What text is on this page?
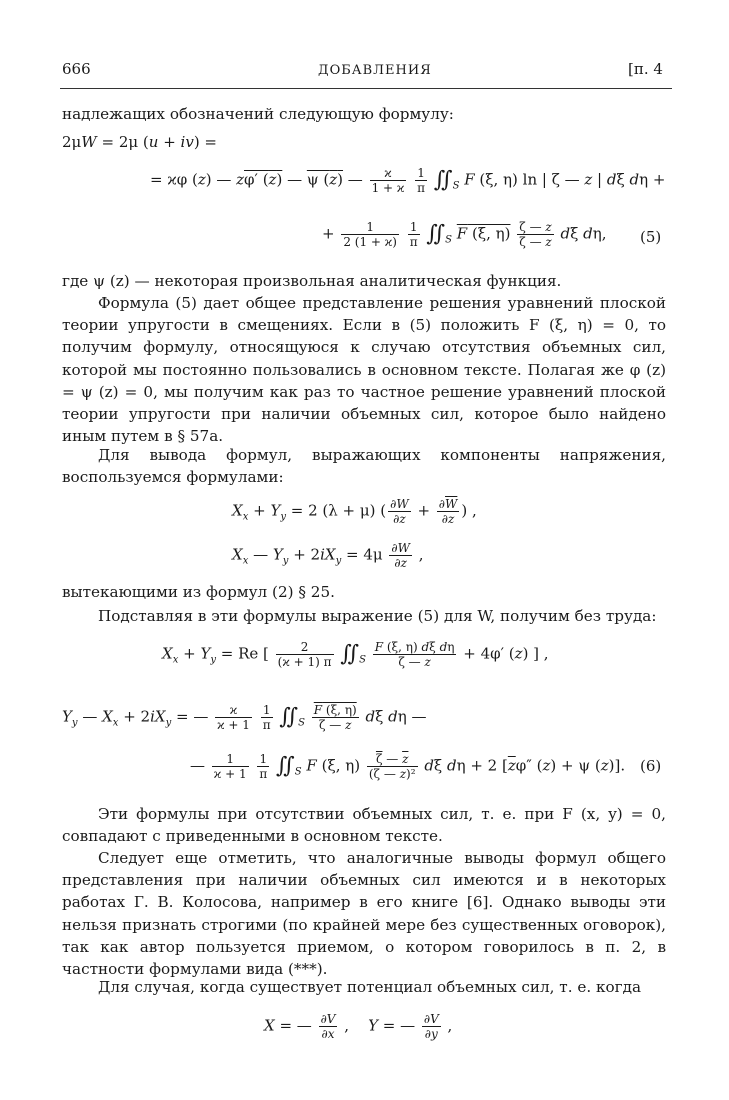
666	ДОБАВЛЕНИЯ	[п. 4
надлежащих обозначений следующую формулу:
2μW = 2μ (u + iv) =
= ϰφ (z) — zφ′ (z) — ψ (z) — $\frac{ϰ}{1 + ϰ}$
$\frac{1}{\pi}$ $∬_S$ F (ξ, η) ln | ζ — z | dξ dη +
+ $\frac{1}{2 (1 + ϰ)}$
$\frac{1}{\pi}$ $∬_S$ F (ξ, $\eta) \frac{\zeta — z}{\overline{\zeta} — \overline{z}}$ dξ dη, (5)
где ψ (z) — некоторая произвольная аналитическая функция.
Формула (5) дает общее представление решения уравнений плоской теории упругости в смещениях. Если в (5) положить F (ξ, η) = 0, то получим формулу, относящуюся к случаю отсутствия объемных сил, которой мы постоянно пользовались в основном тексте. Полагая же φ (z) = ψ (z) = 0, мы получим как раз то частное решение уравнений плоской теории упругости при наличии объемных сил, которое было найдено иным путем в § 57а.
Для вывода формул, выражающих компоненты напряжения, воспользуемся формулами:
$X_x + Y_y = 2$ (λ + μ) ( $\frac{\partial W}{\partial z} + \frac{\partial\overline{W}}{\partial\overline{z}}$ ) ,
$X_x$ — $Y_y + 2iX_y = 4\mu \frac{\partial W}{\partial\overline{z}}$ ,
вытекающими из формул (2) § 25.
Подставляя в эти формулы выражение (5) для W, получим без труда:
$X_x + Y_y = Re$ [ $\frac{2}{(ϰ + 1) \pi}$ $∬_S \frac{\text{F (ξ, η) dξ dη}}{\zeta — z} + 4\varphi'$ (z) ] ,
$Y_y$ — $X_x + 2iX_y$ = — $\frac{ϰ}{ϰ + 1}$
$\frac{1}{\pi}$ $∬_S \frac{F (\xi, \eta)}{\zeta — z}$ dξ dη —
— $\frac{1}{ϰ + 1}$
$\frac{1}{\pi}$ $∬_S$ F (ξ, $\eta) \frac{\overline{\zeta} — \overline{z}}{\text{(ζ — z)²}}$ dξ dη + 2 [$\overline{z}\varphi''$ (z) + ψ (z)]. (6)
Эти формулы при отсутствии объемных сил, т. е. при F (x, y) = 0, совпадают с приведенными в основном тексте.
Следует еще отметить, что аналогичные выводы формул общего представления при наличии объемных сил имеются и в некоторых работах Г. В. Колосова, например в его книге [6]. Однако выводы эти нельзя признать строгими (по крайней мере без существенных оговорок), так как автор пользуется приемом, о котором говорилось в п. 2, в частности формулами вида (***).
Для случая, когда существует потенциал объемных сил, т. е. когда
X = — $\frac{\partial V}{\partial x}$ ,    Y = — $\frac{\partial V}{\partial y}$ ,
